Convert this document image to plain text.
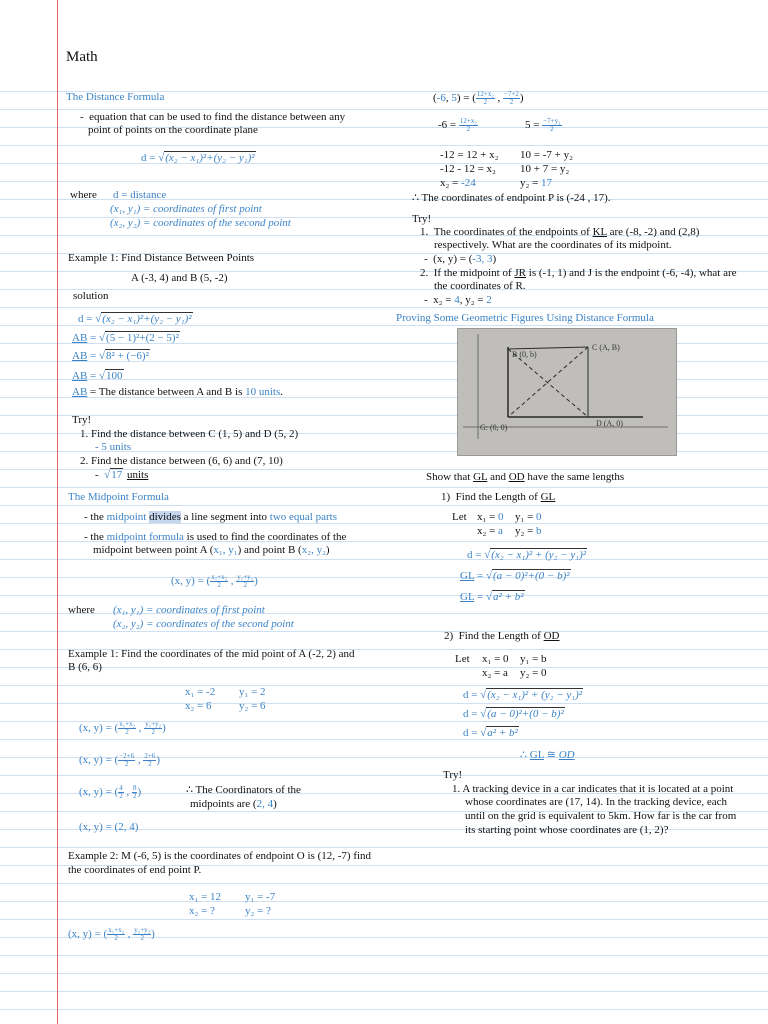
Math
The Distance Formula
-  equation that can be used to find the distance between any
point of points on the coordinate plane
d = √(x₂ − x₁)²+(y₂ − y₁)²
where d = distance
(x₁, y₁) = coordinates of first point
(x₂, y₂) = coordinates of the second point
Example 1: Find Distance Between Points
A (-3, 4) and B (5, -2)
solution
d = √(x₂ − x₁)²+(y₂ − y₁)²
AB = √(5 − 1)²+(2 − 5)²
AB = √8² + (−6)²
AB = √100
AB = The distance between A and B is 10 units.
Try!
1. Find the distance between C (1, 5) and D (5, 2)
- 5 units
2. Find the distance between (6, 6) and (7, 10)
-  √17 units
The Midpoint Formula
- the midpoint divides a line segment into two equal parts
- the midpoint formula is used to find the coordinates of the
midpoint between point A (x₁, y₁) and point B (x₂, y₂)
(x, y) = ( $\frac{\text{x₁+x₂}}{2}$ , $\frac{\text{y₁+y₂}}{2}$ )
where (x₁, y₁) = coordinates of first point
(x₂, y₂) = coordinates of the second point
Example 1: Find the coordinates of the mid point of A (-2, 2) and
B (6, 6)
x₁ = -2 y₁ = 2
x₂ = 6 y₂ = 6
(x, y) = ( $\frac{\text{x₁+x₂}}{2}$ , $\frac{\text{y₁+y₂}}{2}$ )
(x, y) = ( $\frac{-2+6}{2}$ , $\frac{2+6}{2}$ )
(x, y) = ( $\frac{4}{2}$ , $\frac{8}{2}$ )	∴ The Coordinators of the
midpoints are (2, 4)
(x, y) = (2, 4)
Example 2: M (-6, 5) is the coordinates of endpoint O is (12, -7) find
the coordinates of end point P.
x₁ = 12 y₁ = -7
x₂ = ?	y₂ = ?
(x, y) = ( $\frac{\text{x₁+x₂}}{2}$ , $\frac{\text{y₁+y₂}}{2}$ )
(-6, 5) = ( $\frac{\text{12+x₂}}{2}$ , $\frac{-7+2}{2}$ )
$-6 = \frac{\text{12+x₂}}{2}$	$5 = \frac{\text{−7+y₂}}{2}$
-12 = 12 + x₂ 10 = -7 + y₂
-12 - 12 = x₂ 10 + 7 = y₂
x₂ = -24	y₂ = 17
∴ The coordinates of endpoint P is (-24 , 17).
Try!
1.  The coordinates of the endpoints of KL are (-8, -2) and (2,8)
respectively. What are the coordinates of its midpoint.
-  (x, y) = (-3, 3)
2.  If the midpoint of JR is (-1, 1) and J is the endpoint (-6, -4), what are
the coordinates of R.
-  x₂ = 4, y₂ = 2
Proving Some Geometric Figures Using Distance Formula
B (0, b)
C (A, B)
G: (0, 0)	D (A, 0)
Show that GL and OD have the same lengths
1)  Find the Length of GL
Let x₁ = 0 y₁ = 0
x₂ = a y₂ = b
d = √(x₂ − x₁)² + (y₂ − y₁)²
GL = √(a − 0)²+(0 − b)²
GL = √a² + b²
2)  Find the Length of OD
Let x₁ = 0 y₁ = b
x₂ = a y₂ = 0
d = √(x₂ − x₁)² + (y₂ − y₁)²
d = √(a − 0)²+(0 − b)²
d = √a² + b²
∴ GL ≅ OD
Try!
1. A tracking device in a car indicates that it is located at a point
whose coordinates are (17, 14). In the tracking device, each
until on the grid is equivalent to 5km. How far is the car from
its starting point whose coordinates are (1, 2)?
